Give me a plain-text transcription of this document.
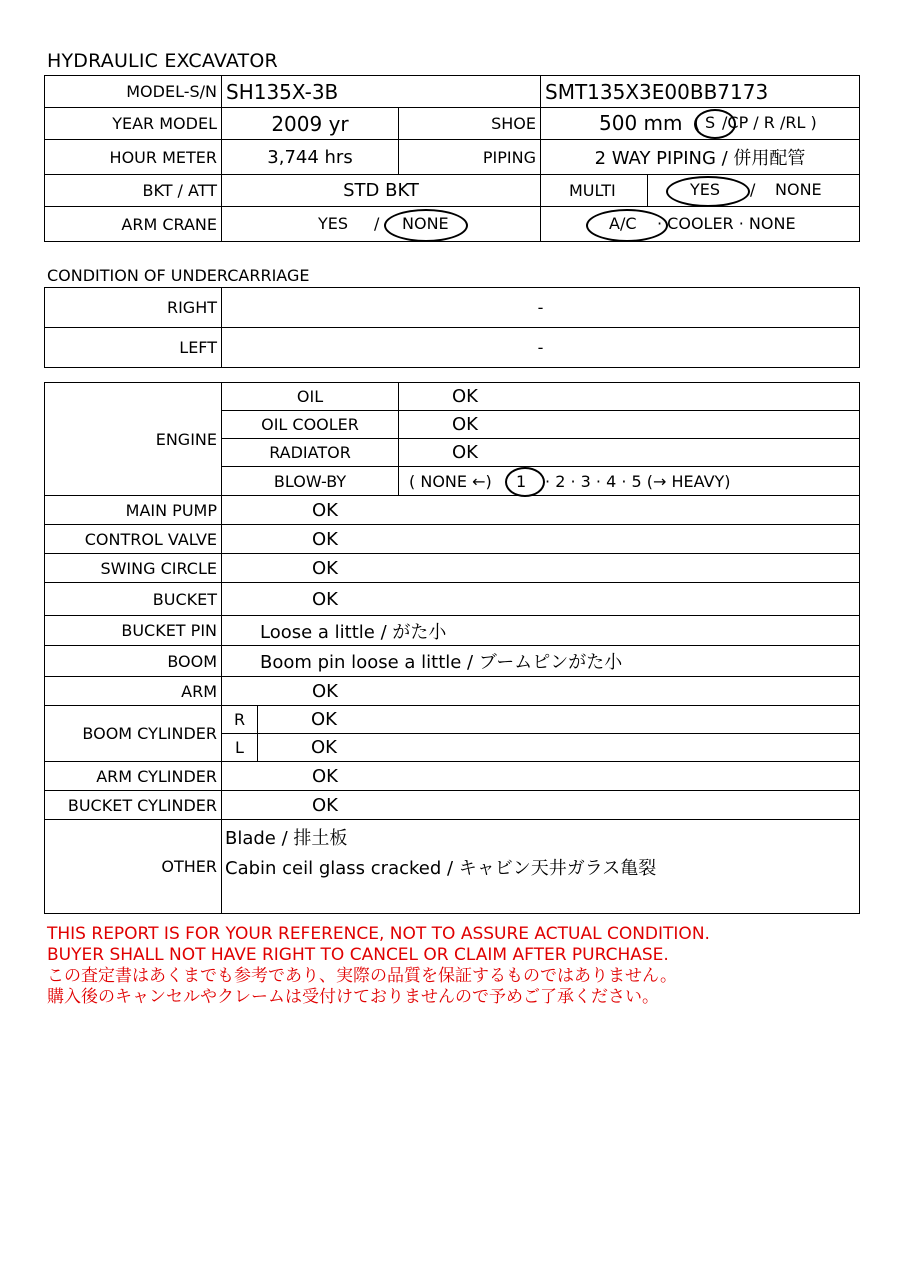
HYDRAULIC EXCAVATOR
MODEL-S/N	SH135X-3B		SMT135X3E00BB7173	
YEAR MODEL	2009 yr	SHOE	500 mm ( S /CP / R /RL )	

HOUR METER	3,744 hrs	PIPING	2 WAY PIPING / 併用配管	
BKT / ATT	STD BKT		MULTI	YES / NONE

ARM CRANE	YES / NONE		A/C · COOLER · NONE	
CONDITION OF UNDERCARRIAGE
RIGHT	-
LEFT	-
ENGINE	OIL		OK
	OIL COOLER		OK
	RADIATOR		OK
	BLOW-BY		( NONE ←) 1 · 2 · 3 · 4 · 5 (→ HEAVY)

MAIN PUMP	OK		
CONTROL VALVE	OK		
SWING CIRCLE	OK		
BUCKET	OK		
BUCKET PIN	Loose a little / がた小		
BOOM	Boom pin loose a little / ブームピンがた小		
ARM	OK		
BOOM CYLINDER	R	OK	
	L	OK	
ARM CYLINDER	OK		
BUCKET CYLINDER	OK		
OTHER	Blade / 排土板
Cabin ceil glass cracked / キャビン天井ガラス亀裂		
THIS REPORT IS FOR YOUR REFERENCE, NOT TO ASSURE ACTUAL CONDITION.
BUYER SHALL NOT HAVE RIGHT TO CANCEL OR CLAIM AFTER PURCHASE.
この査定書はあくまでも参考であり、実際の品質を保証するものではありません。
購入後のキャンセルやクレームは受付けておりませんので予めご了承ください。
